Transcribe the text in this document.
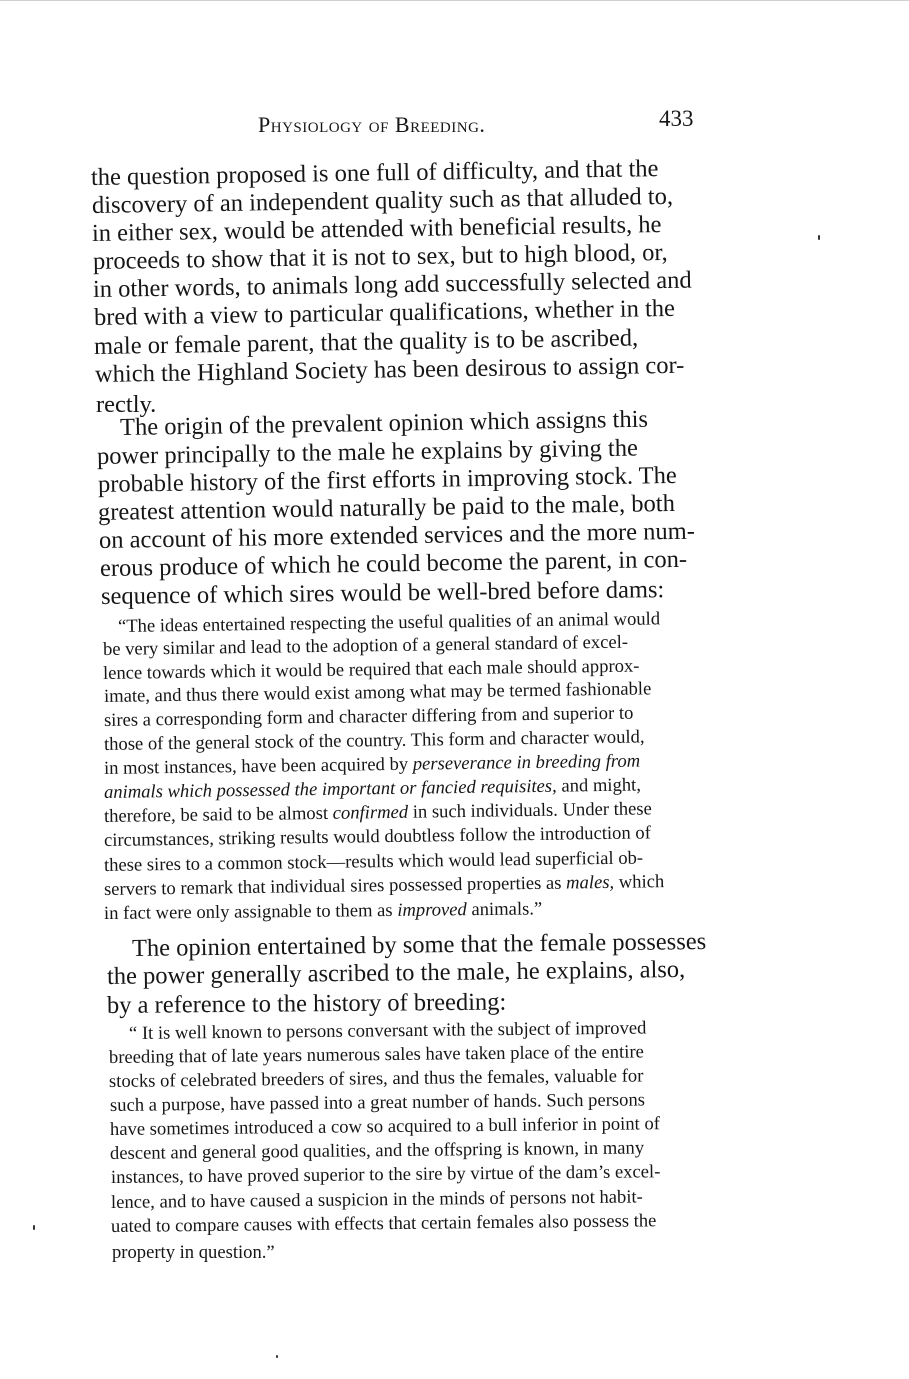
Physiology of Breeding.	433
the question proposed is one full of difficulty, and that the
discovery of an independent quality such as that alluded to,
in either sex, would be attended with beneficial results, he
proceeds to show that it is not to sex, but to high blood, or,
in other words, to animals long add successfully selected and
bred with a view to particular qualifications, whether in the
male or female parent, that the quality is to be ascribed,
which the Highland Society has been desirous to assign cor-
rectly.
The origin of the prevalent opinion which assigns this
power principally to the male he explains by giving the
probable history of the first efforts in improving stock. The
greatest attention would naturally be paid to the male, both
on account of his more extended services and the more num-
erous produce of which he could become the parent, in con-
sequence of which sires would be well-bred before dams:
“The ideas entertained respecting the useful qualities of an animal would
be very similar and lead to the adoption of a general standard of excel-
lence towards which it would be required that each male should approx-
imate, and thus there would exist among what may be termed fashionable
sires a corresponding form and character differing from and superior to
those of the general stock of the country. This form and character would,
in most instances, have been acquired by perseverance in breeding from
animals which possessed the important or fancied requisites, and might,
therefore, be said to be almost confirmed in such individuals. Under these
circumstances, striking results would doubtless follow the introduction of
these sires to a common stock—results which would lead superficial ob-
servers to remark that individual sires possessed properties as males, which
in fact were only assignable to them as improved animals.”
The opinion entertained by some that the female possesses
the power generally ascribed to the male, he explains, also,
by a reference to the history of breeding:
“ It is well known to persons conversant with the subject of improved
breeding that of late years numerous sales have taken place of the entire
stocks of celebrated breeders of sires, and thus the females, valuable for
such a purpose, have passed into a great number of hands. Such persons
have sometimes introduced a cow so acquired to a bull inferior in point of
descent and general good qualities, and the offspring is known, in many
instances, to have proved superior to the sire by virtue of the dam’s excel-
lence, and to have caused a suspicion in the minds of persons not habit-
uated to compare causes with effects that certain females also possess the
property in question.”
